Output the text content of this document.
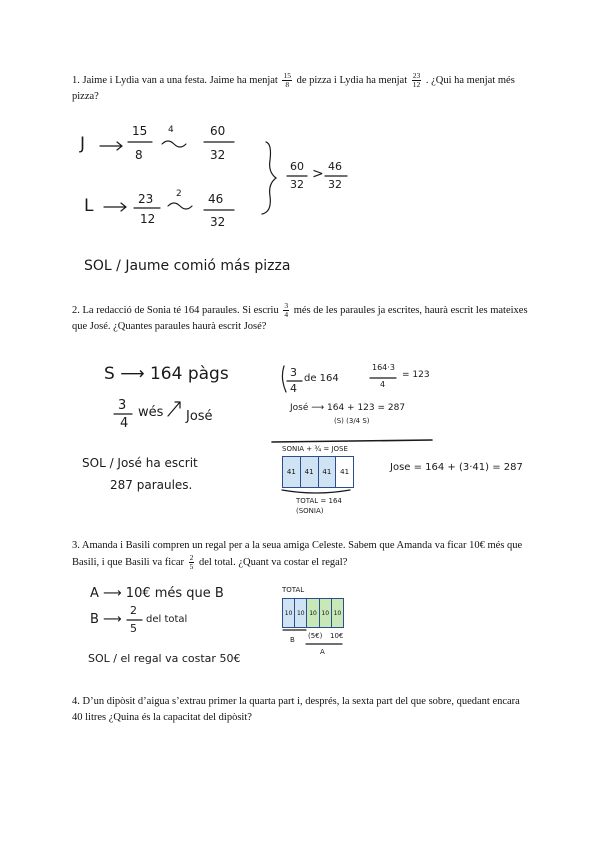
1. Jaime i Lydia van a una festa. Jaime ha menjat $\frac{15}{8}$ de pizza i Lydia ha menjat $\frac{23}{12}$ . ¿Qui ha menjat més pizza?
J
15
8
4	60
32
L	23
12
2 46
32
60
32
> 46
32
SOL / Jaume comió más pizza
2. La redacció de Sonia té 164 paraules. Si escriu $\frac{3}{4}$ més de les paraules ja escrites, haurà escrit les mateixes que José. ¿Quantes paraules haurà escrit José?
S ⟶ 164 pàgs
3
4
wés José
3
4
de 164
164·3
4
= 123
José ⟶ 164 + 123 = 287
(S) (3/4 S)
SONIA + ¾ = JOSE
41	41	41	41
TOTAL = 164
(SONIA)
Jose = 164 + (3·41) = 287
SOL / José ha escrit
287 paraules.
3. Amanda i Basili compren un regal per a la seua amiga Celeste. Sabem que Amanda va ficar 10€ més que Basili, i que Basili va ficar $\frac{2}{5}$ del total. ¿Quant va costar el regal?
A ⟶ 10€ més que B
B ⟶
2
5
del total
SOL / el regal va costar 50€
TOTAL
10 10 10 10 10
B (5€) 10€
A
4. D’un dipòsit d’aigua s’extrau primer la quarta part i, després, la sexta part del que sobre, quedant encara 40 litres ¿Quina és la capacitat del dipòsit?
